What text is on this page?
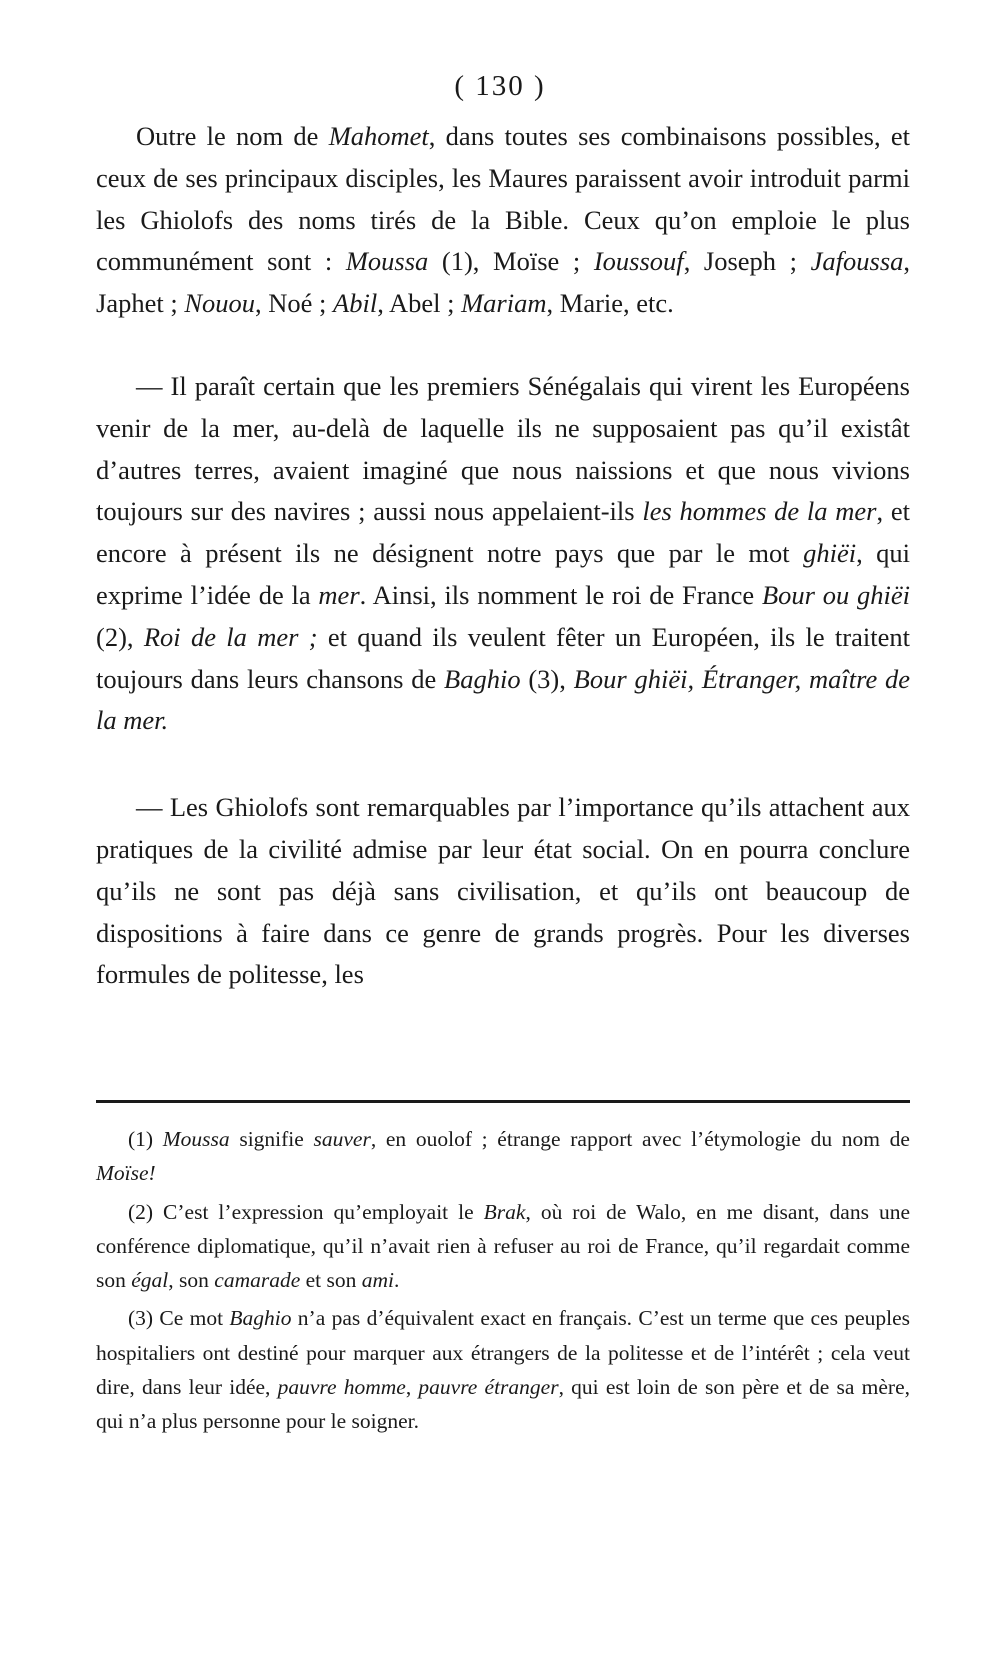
( 130 )

Outre le nom de Mahomet, dans toutes ses combinaisons possibles, et ceux de ses principaux disciples, les Maures paraissent avoir introduit parmi les Ghiolofs des noms tirés de la Bible. Ceux qu’on emploie le plus communément sont : Moussa (1), Moïse ; Ioussouf, Joseph ; Jafoussa, Japhet ; Nouou, Noé ; Abil, Abel ; Mariam, Marie, etc.

— Il paraît certain que les premiers Sénégalais qui virent les Européens venir de la mer, au-delà de laquelle ils ne supposaient pas qu’il existât d’autres terres, avaient imaginé que nous naissions et que nous vivions toujours sur des navires ; aussi nous appelaient-ils les hommes de la mer, et encore à présent ils ne désignent notre pays que par le mot ghiëi, qui exprime l’idée de la mer. Ainsi, ils nomment le roi de France Bour ou ghiëi (2), Roi de la mer ; et quand ils veulent fêter un Européen, ils le traitent toujours dans leurs chansons de Baghio (3), Bour ghiëi, Étranger, maître de la mer.

— Les Ghiolofs sont remarquables par l’importance qu’ils attachent aux pratiques de la civilité admise par leur état social. On en pourra conclure qu’ils ne sont pas déjà sans civilisation, et qu’ils ont beaucoup de dispositions à faire dans ce genre de grands progrès. Pour les diverses formules de politesse, les

(1) Moussa signifie sauver, en ouolof ; étrange rapport avec l’étymologie du nom de Moïse!

(2) C’est l’expression qu’employait le Brak, où roi de Walo, en me disant, dans une conférence diplomatique, qu’il n’avait rien à refuser au roi de France, qu’il regardait comme son égal, son camarade et son ami.

(3) Ce mot Baghio n’a pas d’équivalent exact en français. C’est un terme que ces peuples hospitaliers ont destiné pour marquer aux étrangers de la politesse et de l’intérêt ; cela veut dire, dans leur idée, pauvre homme, pauvre étranger, qui est loin de son père et de sa mère, qui n’a plus personne pour le soigner.
